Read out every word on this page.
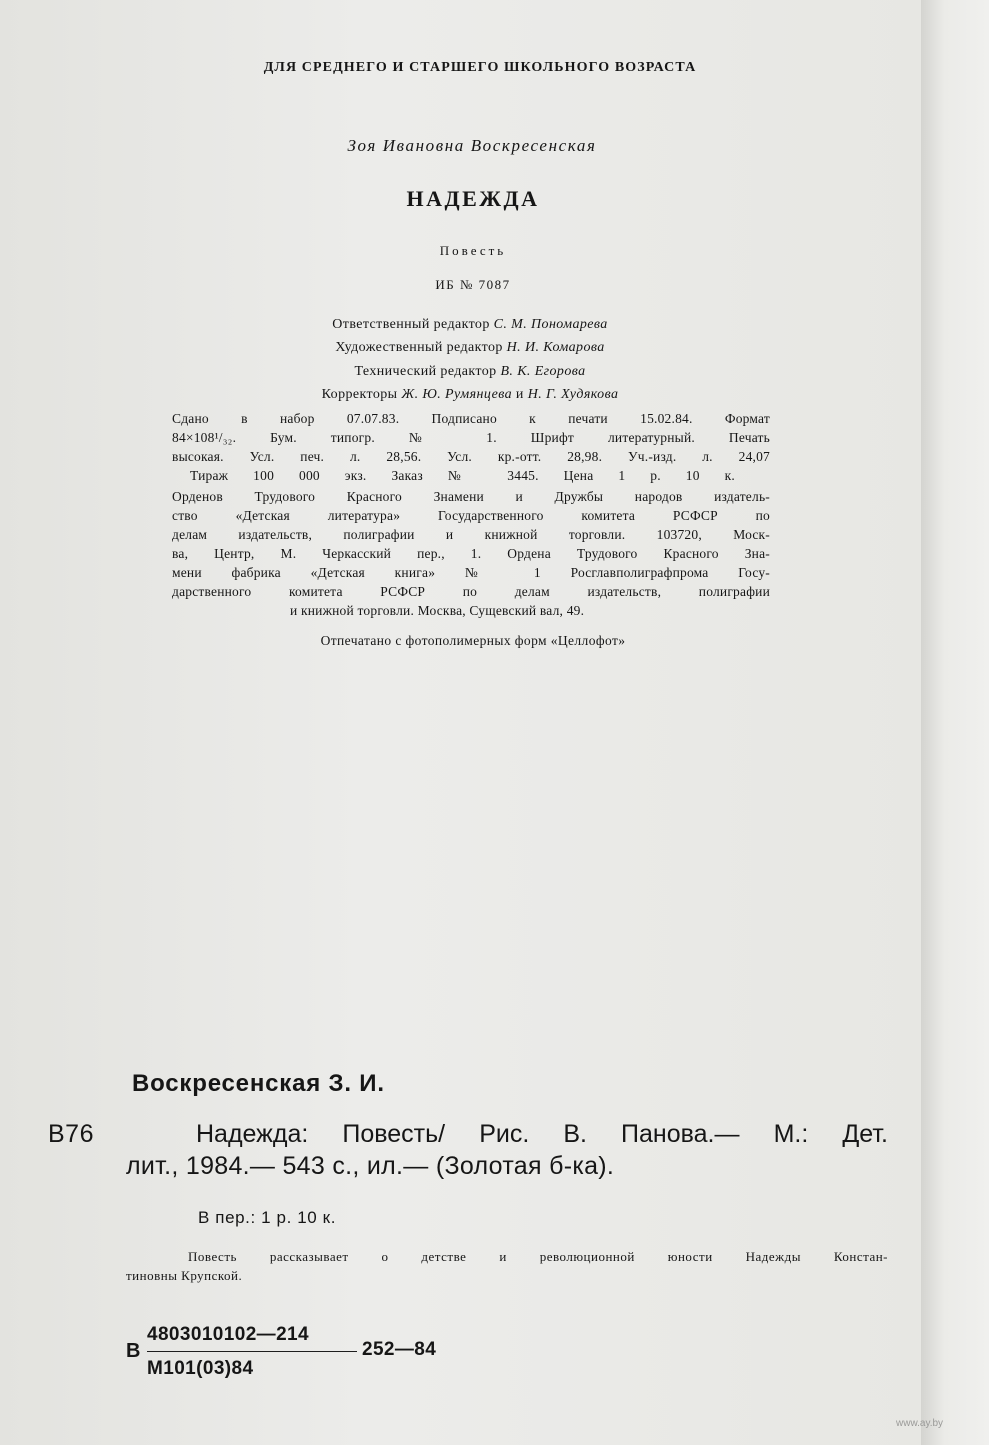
ДЛЯ СРЕДНЕГО И СТАРШЕГО ШКОЛЬНОГО ВОЗРАСТА
Зоя Ивановна Воскресенская
НАДЕЖДА
Повесть
ИБ № 7087
Ответственный редактор С. М. Пономарева
Художественный редактор Н. И. Комарова
Технический редактор В. К. Егорова
Корректоры Ж. Ю. Румянцева и Н. Г. Худякова
Сдано в набор 07.07.83. Подписано к печати 15.02.84. Формат
84×108¹/₃₂. Бум. типогр. № 1. Шрифт литературный. Печать
высокая. Усл. печ. л. 28,56. Усл. кр.-отт. 28,98. Уч.-изд. л. 24,07
Тираж 100 000 экз. Заказ № 3445. Цена 1 р. 10 к.
Орденов Трудового Красного Знамени и Дружбы народов издатель-
ство «Детская литература» Государственного комитета РСФСР по
делам издательств, полиграфии и книжной торговли. 103720, Моск-
ва, Центр, М. Черкасский пер., 1. Ордена Трудового Красного Зна-
мени фабрика «Детская книга» № 1 Росглавполиграфпрома Госу-
дарственного комитета РСФСР по делам издательств, полиграфии
и книжной торговли. Москва, Сущевский вал, 49.
Отпечатано с фотополимерных форм «Целлофот»
Воскресенская З. И.
В76	Надежда: Повесть/ Рис. В. Панова.— М.: Дет.
лит., 1984.— 543 с., ил.— (Золотая б-ка).
В пер.: 1 р. 10 к.
Повесть рассказывает о детстве и революционной юности Надежды Констан-
тиновны Крупской.
В
4803010102—214
М101(03)84
252—84
www.ay.by
